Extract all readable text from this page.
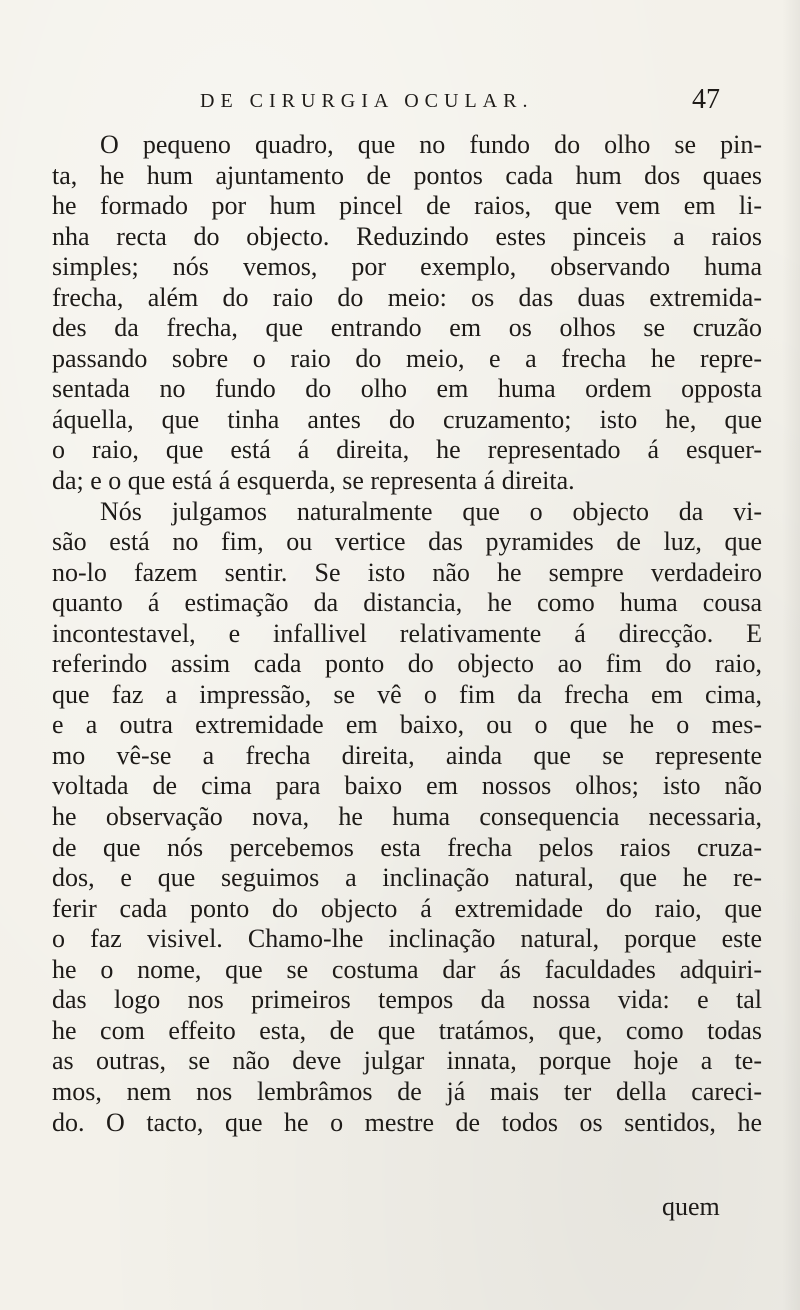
DE CIRURGIA OCULAR.	47
O pequeno quadro, que no fundo do olho se pin-
ta, he hum ajuntamento de pontos cada hum dos quaes
he formado por hum pincel de raios, que vem em li-
nha recta do objecto. Reduzindo estes pinceis a raios
simples; nós vemos, por exemplo, observando huma
frecha, além do raio do meio: os das duas extremida-
des da frecha, que entrando em os olhos se cruzão
passando sobre o raio do meio, e a frecha he repre-
sentada no fundo do olho em huma ordem opposta
áquella, que tinha antes do cruzamento; isto he, que
o raio, que está á direita, he representado á esquer-
da; e o que está á esquerda, se representa á direita.
Nós julgamos naturalmente que o objecto da vi-
são está no fim, ou vertice das pyramides de luz, que
no-lo fazem sentir. Se isto não he sempre verdadeiro
quanto á estimação da distancia, he como huma cousa
incontestavel, e infallivel relativamente á direcção. E
referindo assim cada ponto do objecto ao fim do raio,
que faz a impressão, se vê o fim da frecha em cima,
e a outra extremidade em baixo, ou o que he o mes-
mo vê-se a frecha direita, ainda que se represente
voltada de cima para baixo em nossos olhos; isto não
he observação nova, he huma consequencia necessaria,
de que nós percebemos esta frecha pelos raios cruza-
dos, e que seguimos a inclinação natural, que he re-
ferir cada ponto do objecto á extremidade do raio, que
o faz visivel. Chamo-lhe inclinação natural, porque este
he o nome, que se costuma dar ás faculdades adquiri-
das logo nos primeiros tempos da nossa vida: e tal
he com effeito esta, de que tratámos, que, como todas
as outras, se não deve julgar innata, porque hoje a te-
mos, nem nos lembrâmos de já mais ter della careci-
do. O tacto, que he o mestre de todos os sentidos, he
quem
